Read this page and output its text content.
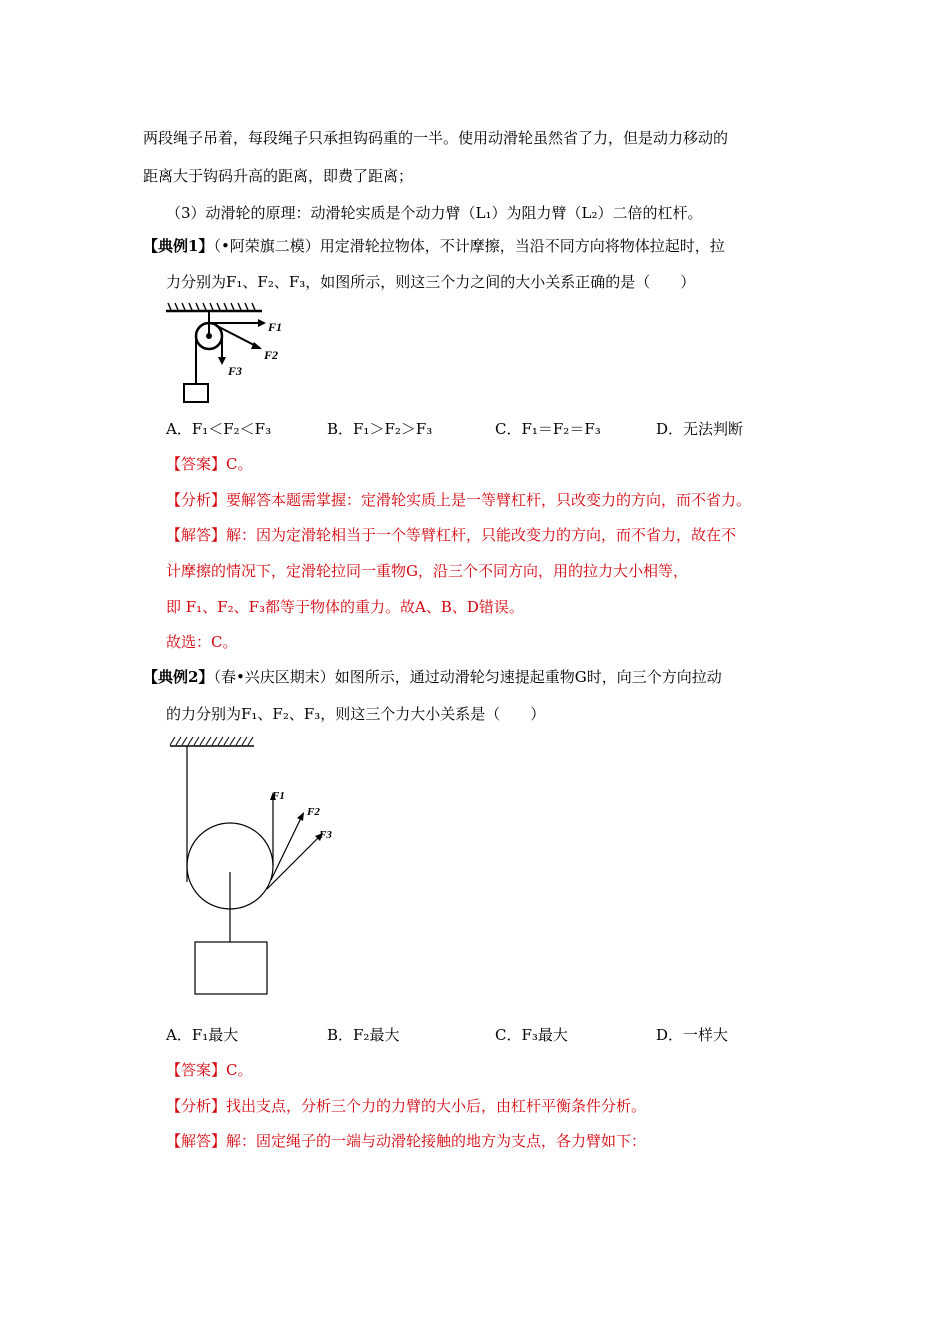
两段绳子吊着，每段绳子只承担钩码重的一半。使用动滑轮虽然省了力，但是动力移动的
距离大于钩码升高的距离，即费了距离；
（3）动滑轮的原理：动滑轮实质是个动力臂（L₁）为阻力臂（L₂）二倍的杠杆。
【典例1】（•阿荣旗二模）用定滑轮拉物体，不计摩擦，当沿不同方向将物体拉起时，拉
力分别为F₁、F₂、F₃，如图所示，则这三个力之间的大小关系正确的是（　　）
F1
F2
F3
A．F₁＜F₂＜F₃	B．F₁＞F₂＞F₃	C．F₁＝F₂＝F₃	D．无法判断
【答案】C。
【分析】要解答本题需掌握：定滑轮实质上是一等臂杠杆，只改变力的方向，而不省力。
【解答】解：因为定滑轮相当于一个等臂杠杆，只能改变力的方向，而不省力，故在不
计摩擦的情况下，定滑轮拉同一重物G，沿三个不同方向，用的拉力大小相等，
即 F₁、F₂、F₃都等于物体的重力。故A、B、D错误。
故选：C。
【典例2】（春•兴庆区期末）如图所示，通过动滑轮匀速提起重物G时，向三个方向拉动
的力分别为F₁、F₂、F₃，则这三个力大小关系是（　　）
F1
F2
F3
A．F₁最大	B．F₂最大	C．F₃最大	D．一样大
【答案】C。
【分析】找出支点，分析三个力的力臂的大小后，由杠杆平衡条件分析。
【解答】解：固定绳子的一端与动滑轮接触的地方为支点，各力臂如下：
